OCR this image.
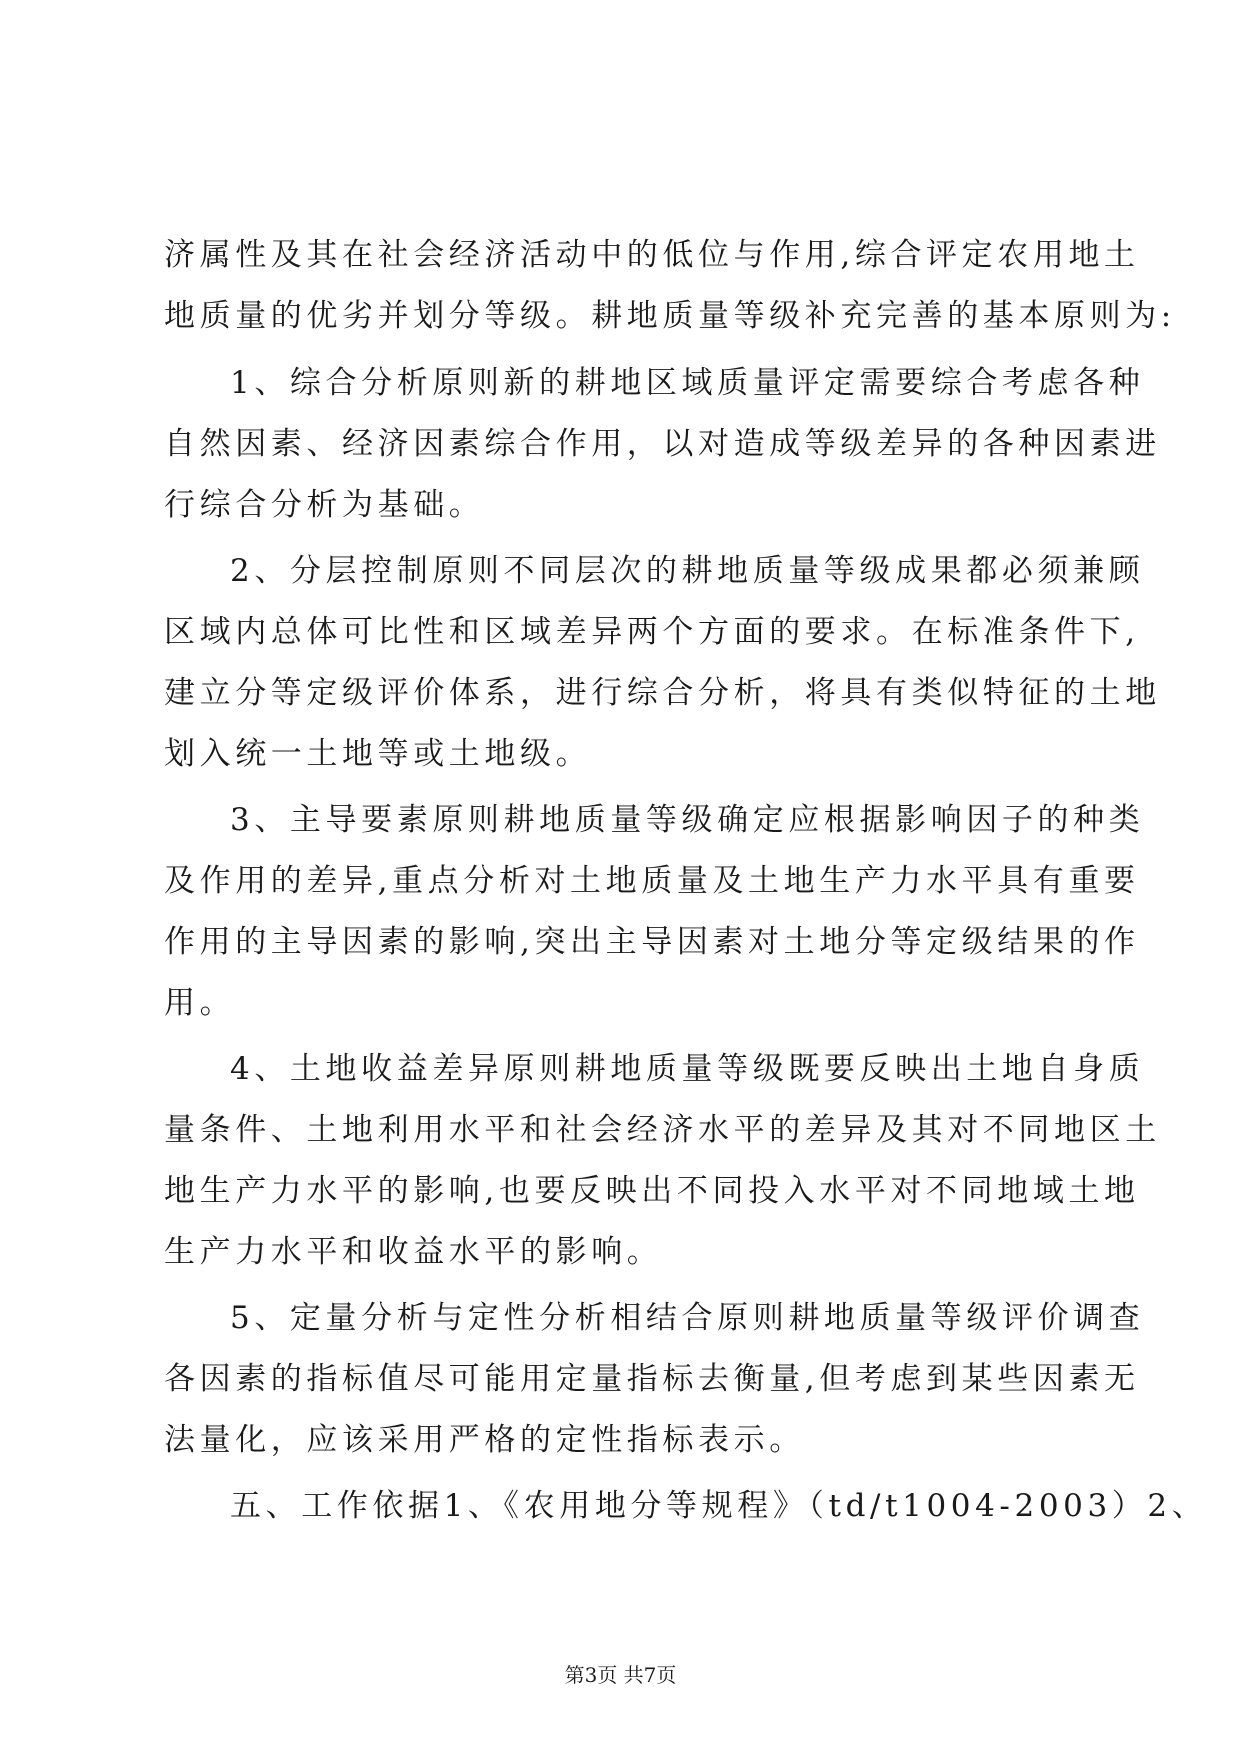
济属性及其在社会经济活动中的低位与作用,综合评定农用地土
地质量的优劣并划分等级。耕地质量等级补充完善的基本原则为:
1、综合分析原则新的耕地区域质量评定需要综合考虑各种
自然因素、经济因素综合作用，以对造成等级差异的各种因素进
行综合分析为基础。
2、分层控制原则不同层次的耕地质量等级成果都必须兼顾
区域内总体可比性和区域差异两个方面的要求。在标准条件下,
建立分等定级评价体系，进行综合分析，将具有类似特征的土地
划入统一土地等或土地级。
3、主导要素原则耕地质量等级确定应根据影响因子的种类
及作用的差异,重点分析对土地质量及土地生产力水平具有重要
作用的主导因素的影响,突出主导因素对土地分等定级结果的作
用。
4、土地收益差异原则耕地质量等级既要反映出土地自身质
量条件、土地利用水平和社会经济水平的差异及其对不同地区土
地生产力水平的影响,也要反映出不同投入水平对不同地域土地
生产力水平和收益水平的影响。
5、定量分析与定性分析相结合原则耕地质量等级评价调查
各因素的指标值尽可能用定量指标去衡量,但考虑到某些因素无
法量化，应该采用严格的定性指标表示。
五、工作依据1、《农用地分等规程》（td/t1004-2003）2、
第3页 共7页
